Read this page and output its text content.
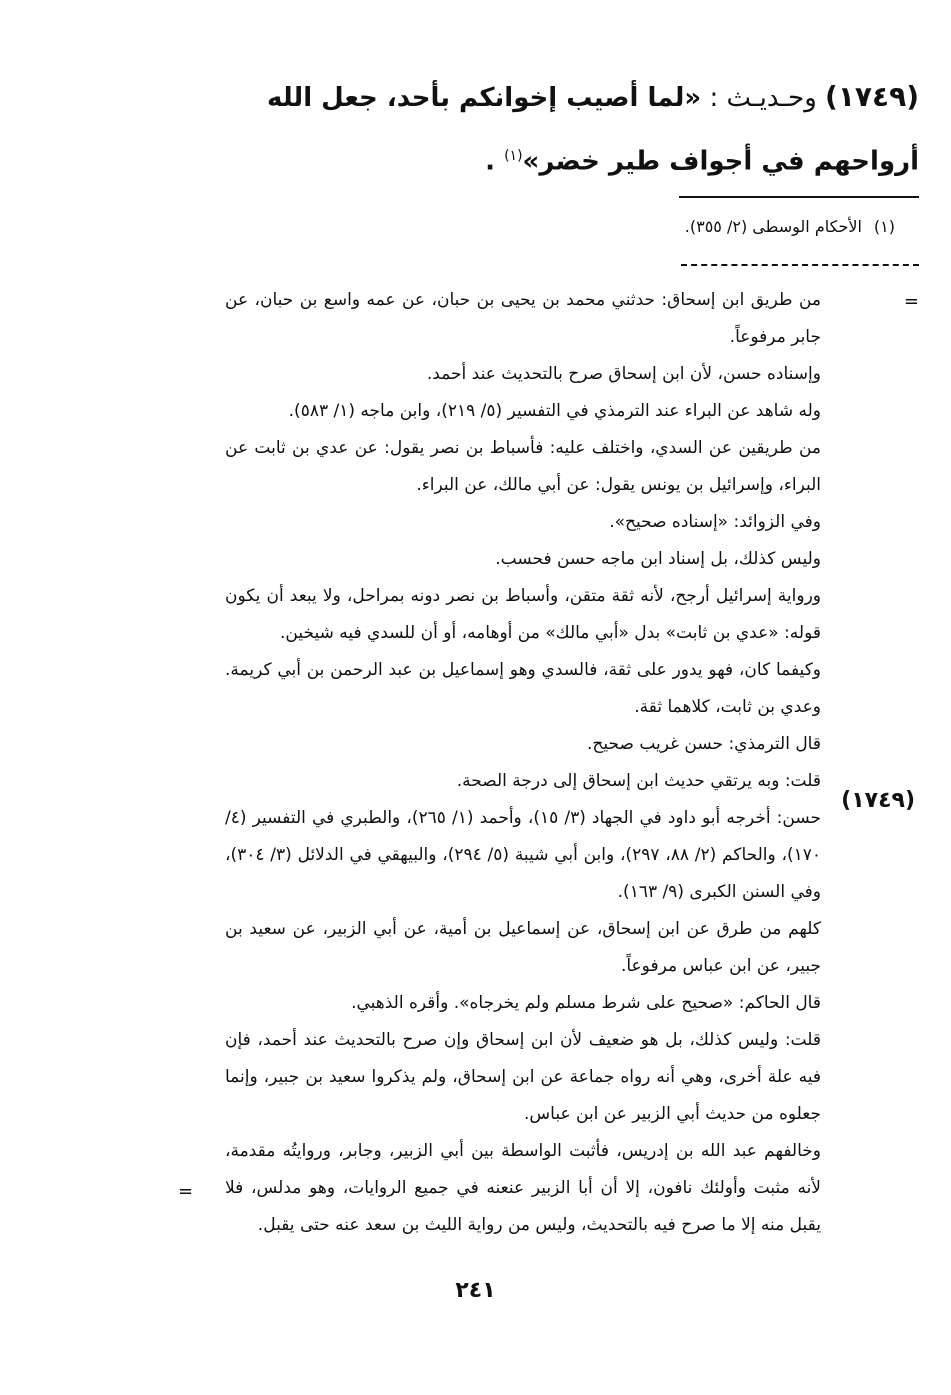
(١٧٤٩) وحـديـث : «لما أصيب إخوانكم بأحد، جعل الله أرواحهم في أجواف طير خضر»$^{(١)}$ .
(١)الأحكام الوسطى (٢/ ٣٥٥).
=
(١٧٤٩)

من طريق ابن إسحاق: حدثني محمد بن يحيى بن حبان، عن عمه واسع بن حبان، عن جابر مرفوعاً.

وإسناده حسن، لأن ابن إسحاق صرح بالتحديث عند أحمد.

وله شاهد عن البراء عند الترمذي في التفسير (٥/ ٢١٩)، وابن ماجه (١/ ٥٨٣).

من طريقين عن السدي، واختلف عليه: فأسباط بن نصر يقول: عن عدي بن ثابت عن البراء، وإسرائيل بن يونس يقول: عن أبي مالك، عن البراء.

وفي الزوائد: «إسناده صحيح».

وليس كذلك، بل إسناد ابن ماجه حسن فحسب.

ورواية إسرائيل أرجح، لأنه ثقة متقن، وأسباط بن نصر دونه بمراحل، ولا يبعد أن يكون قوله: «عدي بن ثابت» بدل «أبي مالك» من أوهامه، أو أن للسدي فيه شيخين.

وكيفما كان، فهو يدور على ثقة، فالسدي وهو إسماعيل بن عبد الرحمن بن أبي كريمة. وعدي بن ثابت، كلاهما ثقة.

قال الترمذي: حسن غريب صحيح.

قلت: وبه يرتقي حديث ابن إسحاق إلى درجة الصحة.

حسن: أخرجه أبو داود في الجهاد (٣/ ١٥)، وأحمد (١/ ٢٦٥)، والطبري في التفسير (٤/ ١٧٠)، والحاكم (٢/ ٨٨، ٢٩٧)، وابن أبي شيبة (٥/ ٢٩٤)، والبيهقي في الدلائل (٣/ ٣٠٤)، وفي السنن الكبرى (٩/ ١٦٣).

كلهم من طرق عن ابن إسحاق، عن إسماعيل بن أمية، عن أبي الزبير، عن سعيد بن جبير، عن ابن عباس مرفوعاً.

قال الحاكم: «صحيح على شرط مسلم ولم يخرجاه». وأقره الذهبي.

قلت: وليس كذلك، بل هو ضعيف لأن ابن إسحاق وإن صرح بالتحديث عند أحمد، فإن فيه علة أخرى، وهي أنه رواه جماعة عن ابن إسحاق، ولم يذكروا سعيد بن جبير، وإنما جعلوه من حديث أبي الزبير عن ابن عباس.

وخالفهم عبد الله بن إدريس، فأثبت الواسطة بين أبي الزبير، وجابر، وروايتُه مقدمة، لأنه مثبت وأولئك نافون، إلا أن أبا الزبير عنعنه في جميع الروايات، وهو مدلس، فلا يقبل منه إلا ما صرح فيه بالتحديث، وليس من رواية الليث بن سعد عنه حتى يقبل.

=
٢٤١
